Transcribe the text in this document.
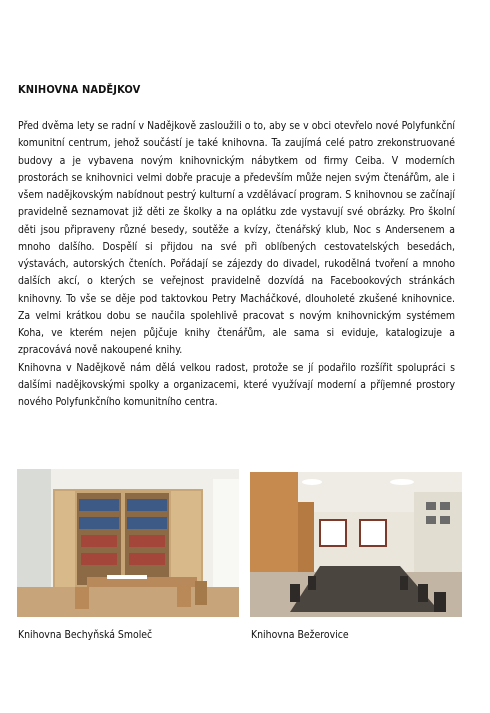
KNIHOVNA NADĚJKOV

Před dvěma lety se radní v Nadějkově zasloužili o to, aby se v obci otevřelo nové Polyfunkční komunitní centrum, jehož součástí je také knihovna. Ta zaujímá celé patro zrekonstruované budovy a je vybavena novým knihovnickým nábytkem od firmy Ceiba. V moderních prostorách se knihovnici velmi dobře pracuje a především může nejen svým čtenářům, ale i všem nadějkovským nabídnout pestrý kulturní a vzdělávací program. S knihovnou se začínají pravidelně seznamovat již děti ze školky a na oplátku zde vystavují své obrázky. Pro školní děti jsou připraveny různé besedy, soutěže a kvízy, čtenářský klub, Noc s Andersenem a mnoho dalšího. Dospělí si přijdou na své při oblíbených cestovatelských besedách, výstavách, autorských čteních. Pořádají se zájezdy do divadel, rukodělná tvoření a mnoho dalších akcí, o kterých se veřejnost pravidelně dozvídá na Facebookových stránkách knihovny. To vše se děje pod taktovkou Petry Macháčkové, dlouholeté zkušené knihovnice. Za velmi krátkou dobu se naučila spolehlivě pracovat s novým knihovnickým systémem Koha, ve kterém nejen půjčuje knihy čtenářům, ale sama si eviduje, katalogizuje a zpracovává nově nakoupené knihy.

Knihovna v Nadějkově nám dělá velkou radost, protože se jí podařilo rozšířit spolupráci s dalšími nadějkovskými spolky a organizacemi, které využívají moderní a příjemné prostory nového Polyfunkčního komunitního centra.

Knihovna Bechyňská Smoleč	Knihovna Bežerovice
